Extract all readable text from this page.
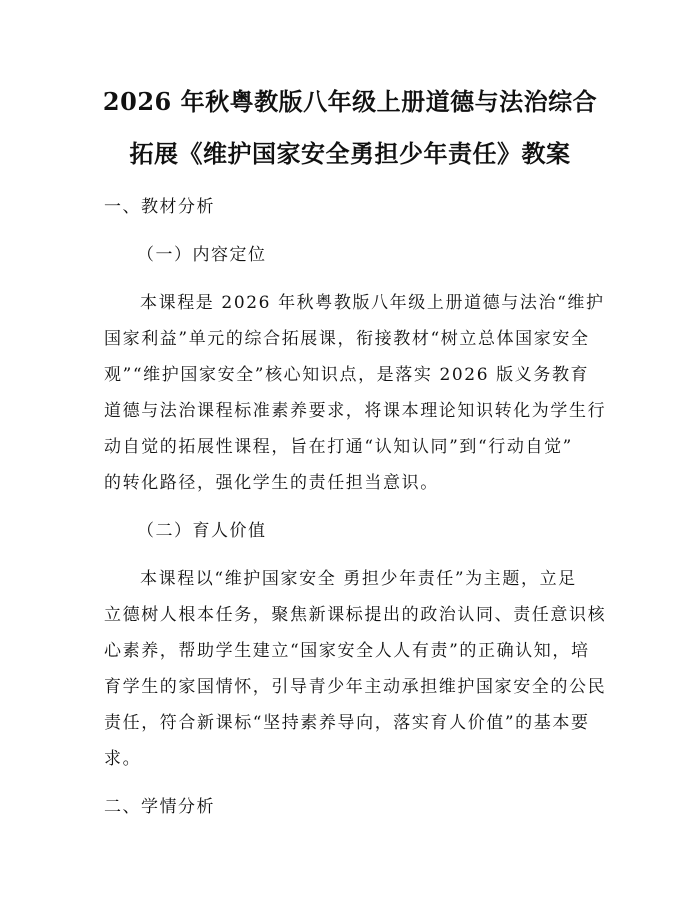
2026 年秋粤教版八年级上册道德与法治综合
拓展《维护国家安全勇担少年责任》教案

一、教材分析

（一）内容定位

本课程是 2026 年秋粤教版八年级上册道德与法治“维护

国家利益”单元的综合拓展课，衔接教材“树立总体国家安全

观”“维护国家安全”核心知识点，是落实 2026 版义务教育

道德与法治课程标准素养要求，将课本理论知识转化为学生行

动自觉的拓展性课程，旨在打通“认知认同”到“行动自觉”

的转化路径，强化学生的责任担当意识。

（二）育人价值

本课程以“维护国家安全 勇担少年责任”为主题，立足

立德树人根本任务，聚焦新课标提出的政治认同、责任意识核

心素养，帮助学生建立“国家安全人人有责”的正确认知，培

育学生的家国情怀，引导青少年主动承担维护国家安全的公民

责任，符合新课标“坚持素养导向，落实育人价值”的基本要

求。

二、学情分析
